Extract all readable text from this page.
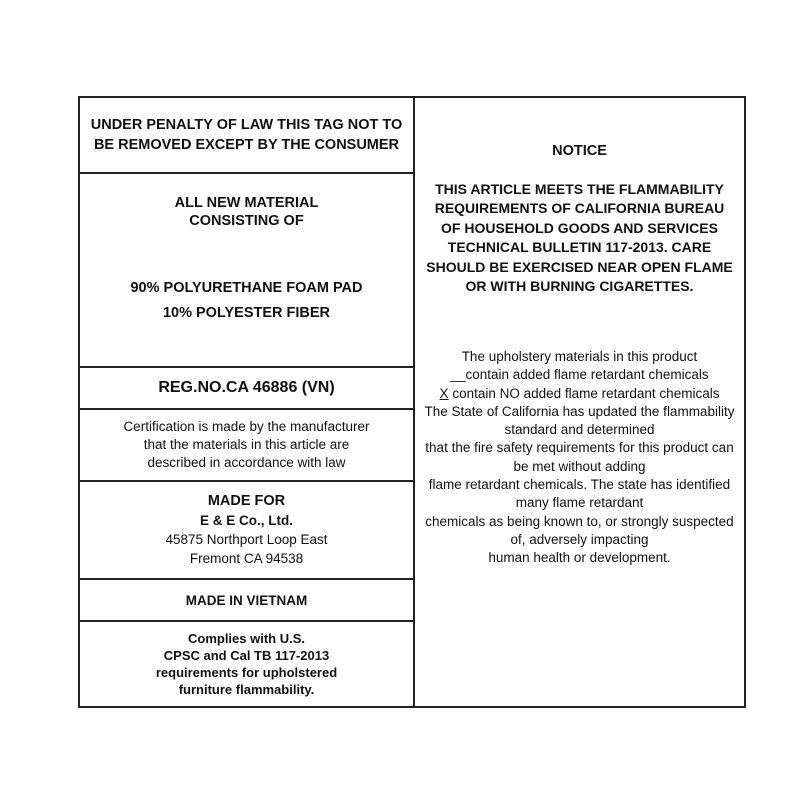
UNDER PENALTY OF LAW THIS TAG NOT TO
BE REMOVED EXCEPT BY THE CONSUMER
ALL NEW MATERIAL
CONSISTING OF
90% POLYURETHANE FOAM PAD
10% POLYESTER FIBER
REG.NO.CA 46886 (VN)
Certification is made by the manufacturer
that the materials in this article are
described in accordance with law
MADE FOR
E & E Co., Ltd.
45875 Northport Loop East
Fremont CA 94538
MADE IN VIETNAM
Complies with U.S.
CPSC and Cal TB 117-2013
requirements for upholstered
furniture flammability.
NOTICE
THIS ARTICLE MEETS THE FLAMMABILITY
REQUIREMENTS OF CALIFORNIA BUREAU
OF HOUSEHOLD GOODS AND SERVICES
TECHNICAL BULLETIN 117-2013. CARE
SHOULD BE EXERCISED NEAR OPEN FLAME
OR WITH BURNING CIGARETTES.
The upholstery materials in this product
__contain added flame retardant chemicals
X contain NO added flame retardant chemicals
The State of California has updated the flammability
standard and determined
that the fire safety requirements for this product can
be met without adding
flame retardant chemicals. The state has identified
many flame retardant
chemicals as being known to, or strongly suspected
of, adversely impacting
human health or development.
